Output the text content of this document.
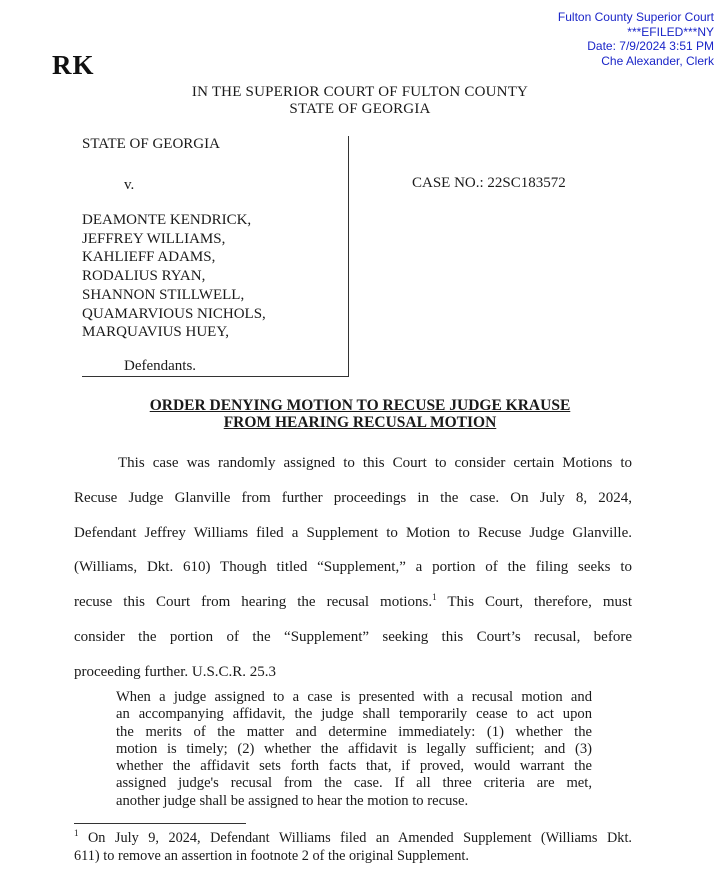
Fulton County Superior Court
***EFILED***NY
Date: 7/9/2024 3:51 PM
Che Alexander, Clerk
RK
IN THE SUPERIOR COURT OF FULTON COUNTY
STATE OF GEORGIA
STATE OF GEORGIA
v.
DEAMONTE KENDRICK,
JEFFREY WILLIAMS,
KAHLIEFF ADAMS,
RODALIUS RYAN,
SHANNON STILLWELL,
QUAMARVIOUS NICHOLS,
MARQUAVIUS HUEY,
Defendants.
CASE NO.: 22SC183572
ORDER DENYING MOTION TO RECUSE JUDGE KRAUSE
FROM HEARING RECUSAL MOTION
This case was randomly assigned to this Court to consider certain Motions to
Recuse Judge Glanville from further proceedings in the case. On July 8, 2024,
Defendant Jeffrey Williams filed a Supplement to Motion to Recuse Judge Glanville.
(Williams, Dkt. 610) Though titled “Supplement,” a portion of the filing seeks to
recuse this Court from hearing the recusal motions.$^1$ This Court, therefore, must
consider the portion of the “Supplement” seeking this Court’s recusal, before
proceeding further. U.S.C.R. 25.3
When a judge assigned to a case is presented with a recusal motion and
an accompanying affidavit, the judge shall temporarily cease to act upon
the merits of the matter and determine immediately: (1) whether the
motion is timely; (2) whether the affidavit is legally sufficient; and (3)
whether the affidavit sets forth facts that, if proved, would warrant the
assigned judge's recusal from the case. If all three criteria are met,
another judge shall be assigned to hear the motion to recuse.
$^1$ On July 9, 2024, Defendant Williams filed an Amended Supplement (Williams Dkt.
611) to remove an assertion in footnote 2 of the original Supplement.
